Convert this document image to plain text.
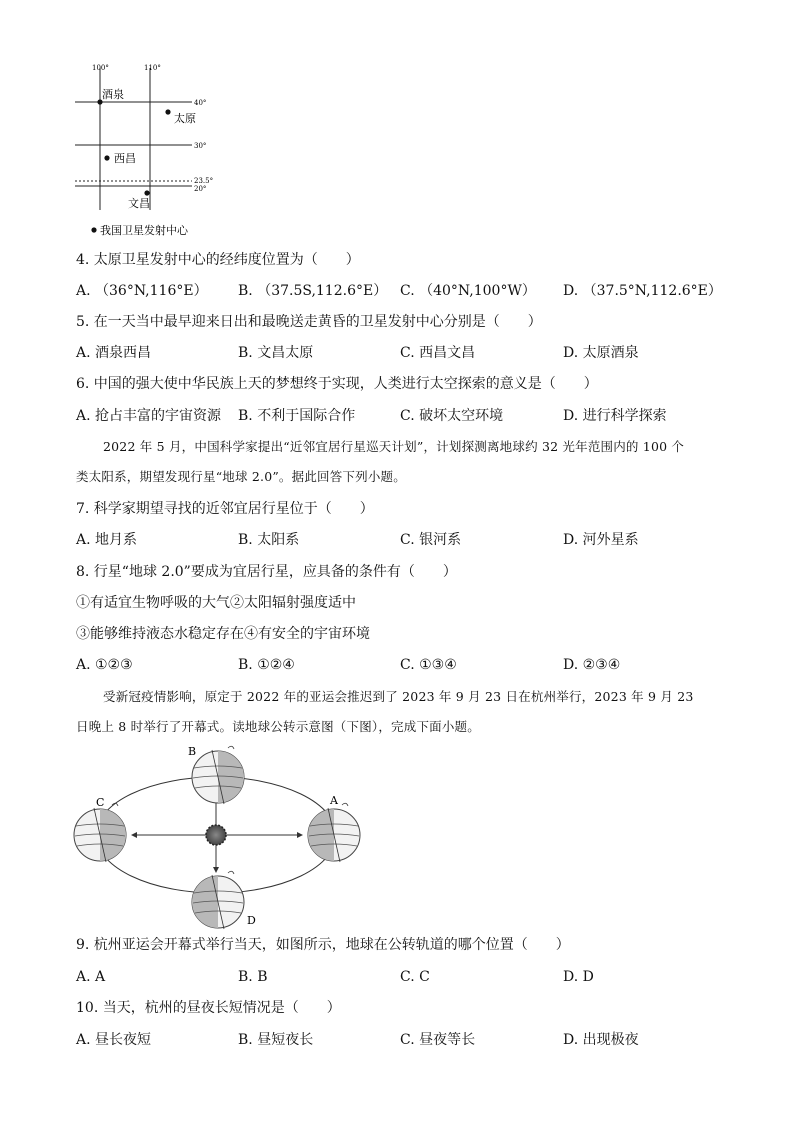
100°	110°
40°
30°
23.5°
20°
酒泉
太原
西昌
文昌
我国卫星发射中心
4. 太原卫星发射中心的经纬度位置为（　　）
A. （36°N,116°E） B. （37.5S,112.6°E） C. （40°N,100°W） D. （37.5°N,112.6°E）
5. 在一天当中最早迎来日出和最晚送走黄昏的卫星发射中心分别是（　　）
A. 酒泉西昌	B. 文昌太原	C. 西昌文昌	D. 太原酒泉
6. 中国的强大使中华民族上天的梦想终于实现，人类进行太空探索的意义是（　　）
A. 抢占丰富的宇宙资源 B. 不利于国际合作	C. 破坏太空环境	D. 进行科学探索
2022 年 5 月，中国科学家提出“近邻宜居行星巡天计划”，计划探测离地球约 32 光年范围内的 100 个
类太阳系，期望发现行星“地球 2.0”。据此回答下列小题。
7. 科学家期望寻找的近邻宜居行星位于（　　）
A. 地月系	B. 太阳系	C. 银河系	D. 河外星系
8. 行星“地球 2.0”要成为宜居行星，应具备的条件有（　　）
①有适宜生物呼吸的大气②太阳辐射强度适中
③能够维持液态水稳定存在④有安全的宇宙环境
A. ①②③	B. ①②④	C. ①③④	D. ②③④
受新冠疫情影响，原定于 2022 年的亚运会推迟到了 2023 年 9 月 23 日在杭州举行，2023 年 9 月 23
日晚上 8 时举行了开幕式。读地球公转示意图（下图），完成下面小题。
A
B
C
D
9. 杭州亚运会开幕式举行当天，如图所示，地球在公转轨道的哪个位置（　　）
A. A	B. B	C. C	D. D
10. 当天，杭州的昼夜长短情况是（　　）
A. 昼长夜短	B. 昼短夜长	C. 昼夜等长	D. 出现极夜
